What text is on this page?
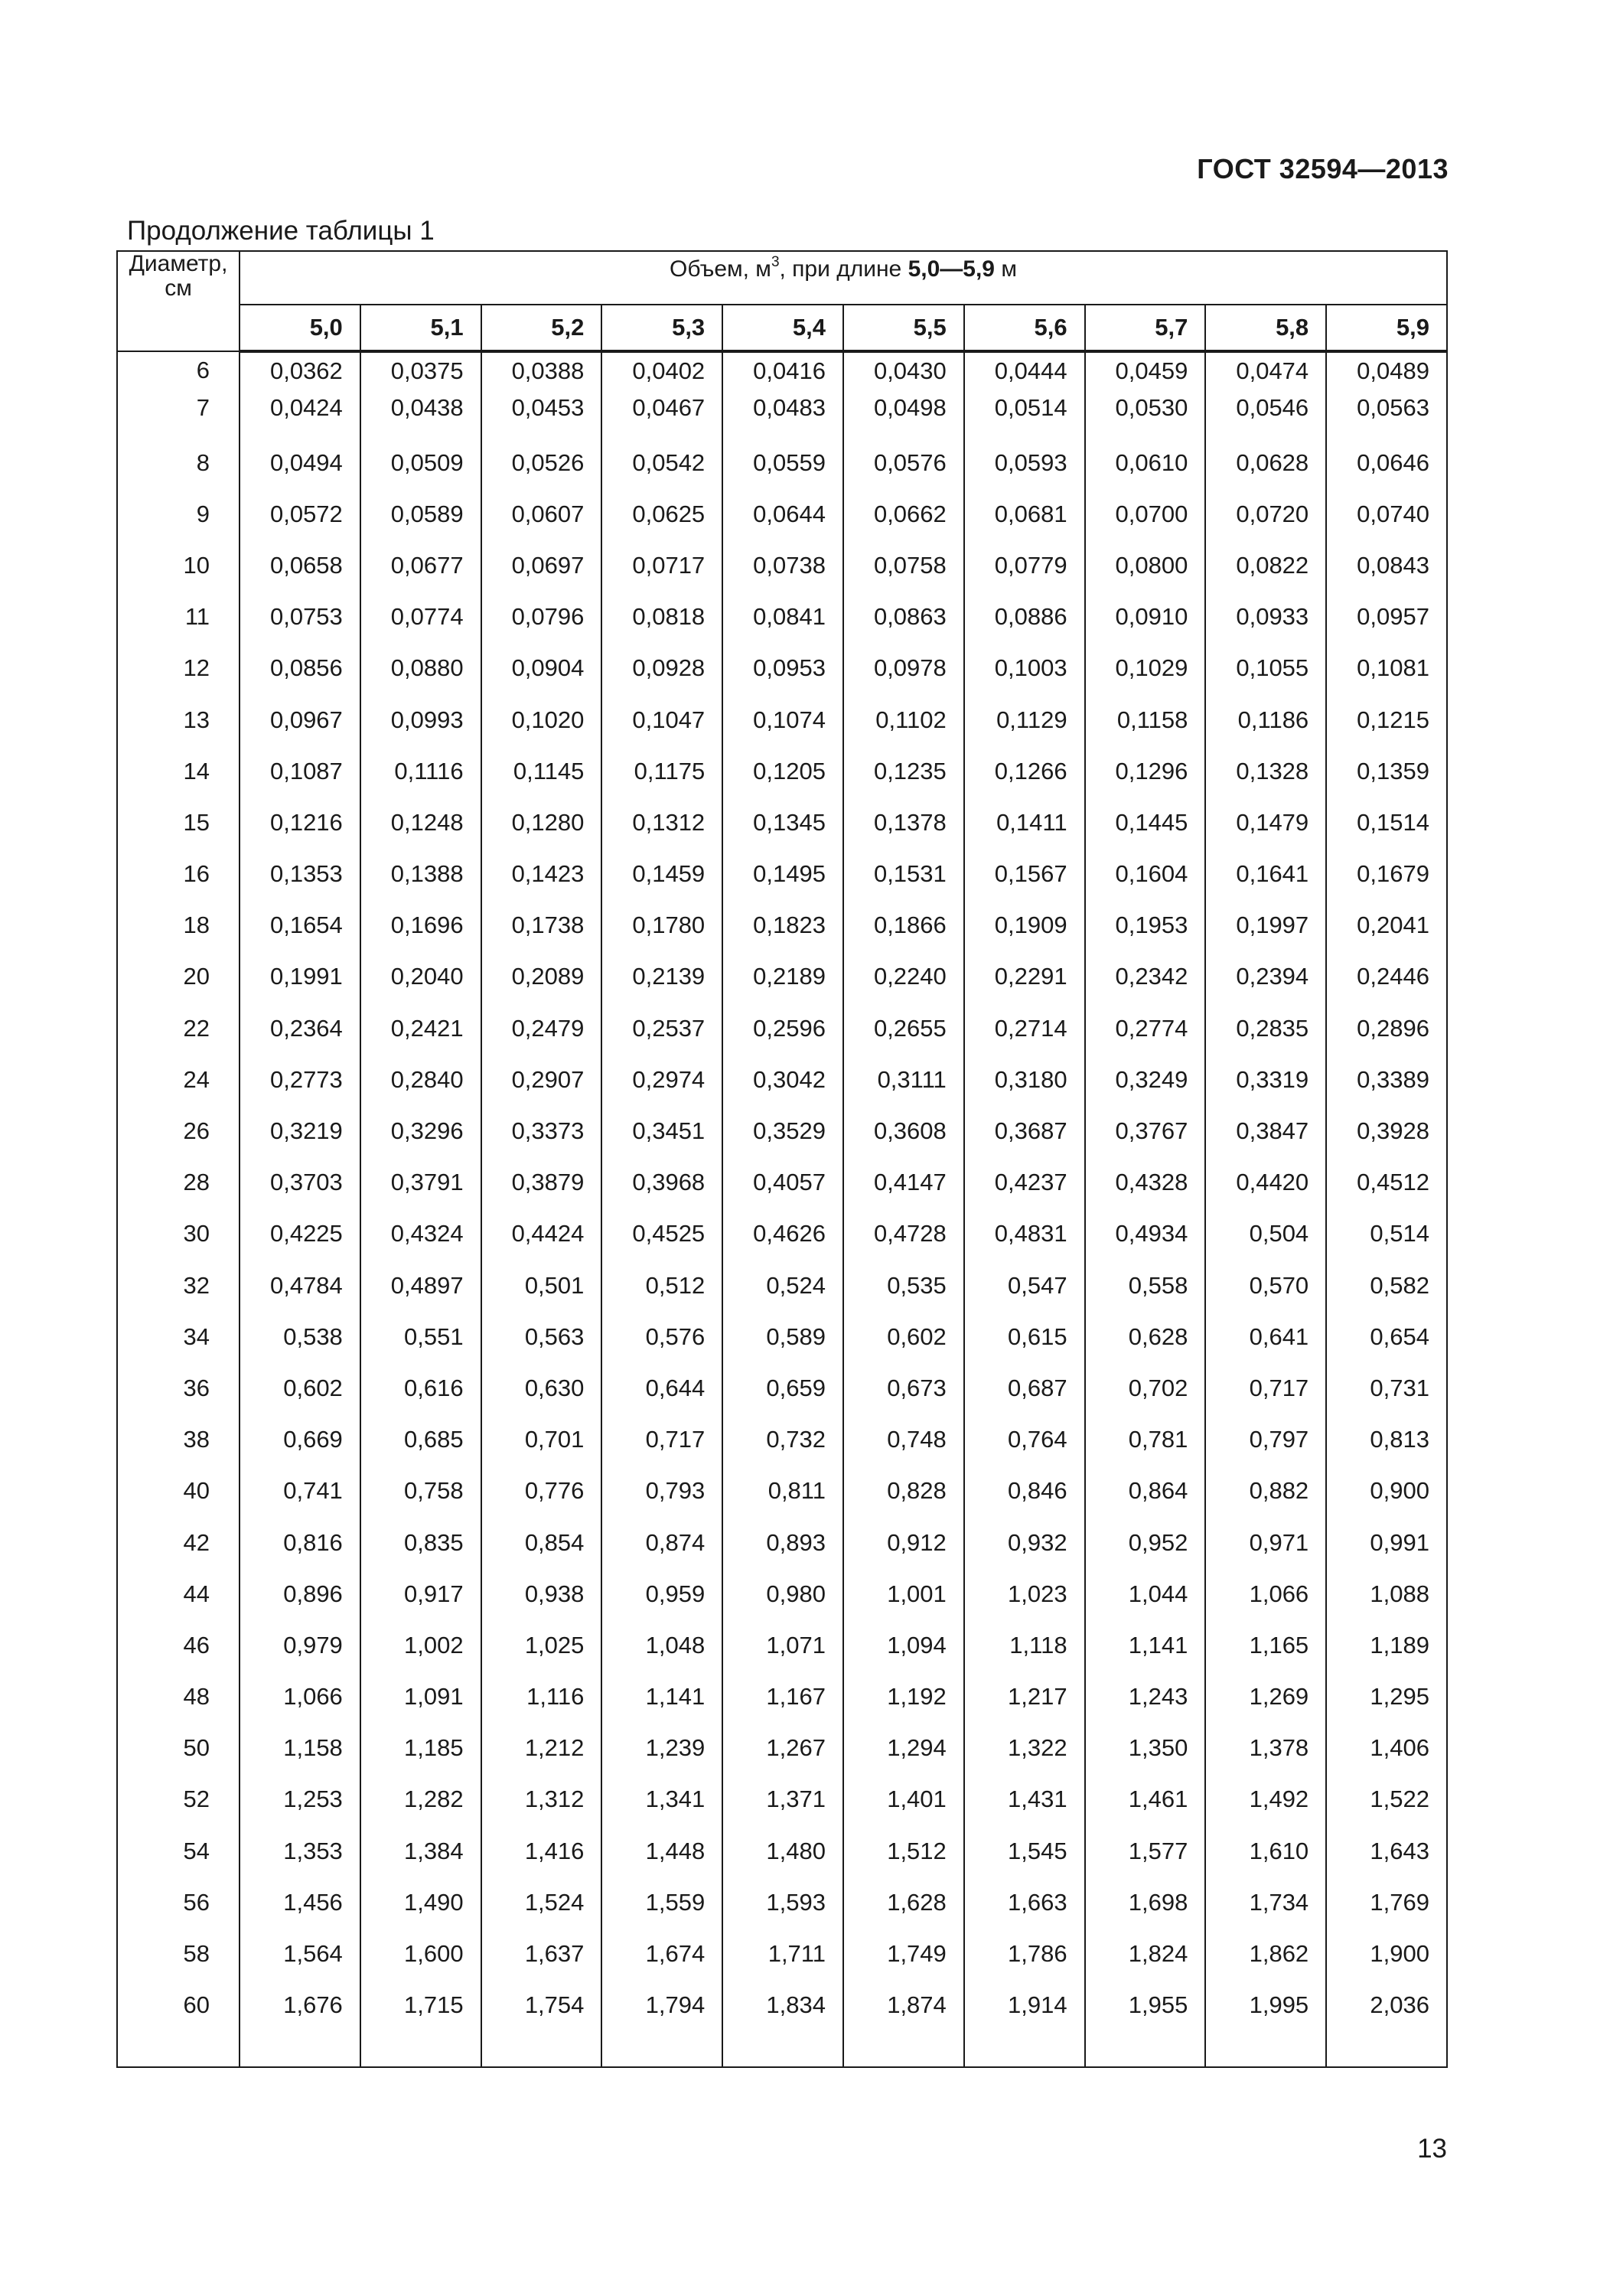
ГОСТ 32594—2013
Продолжение таблицы 1
Диаметр, см	Объем, $м^3$, при длине 5,0—5,9 м									
	5,0	5,1	5,2	5,3	5,4	5,5	5,6	5,7	5,8	5,9
6	0,0362	0,0375	0,0388	0,0402	0,0416	0,0430	0,0444	0,0459	0,0474	0,0489
7	0,0424	0,0438	0,0453	0,0467	0,0483	0,0498	0,0514	0,0530	0,0546	0,0563
8	0,0494	0,0509	0,0526	0,0542	0,0559	0,0576	0,0593	0,0610	0,0628	0,0646
9	0,0572	0,0589	0,0607	0,0625	0,0644	0,0662	0,0681	0,0700	0,0720	0,0740
10	0,0658	0,0677	0,0697	0,0717	0,0738	0,0758	0,0779	0,0800	0,0822	0,0843
11	0,0753	0,0774	0,0796	0,0818	0,0841	0,0863	0,0886	0,0910	0,0933	0,0957
12	0,0856	0,0880	0,0904	0,0928	0,0953	0,0978	0,1003	0,1029	0,1055	0,1081
13	0,0967	0,0993	0,1020	0,1047	0,1074	0,1102	0,1129	0,1158	0,1186	0,1215
14	0,1087	0,1116	0,1145	0,1175	0,1205	0,1235	0,1266	0,1296	0,1328	0,1359
15	0,1216	0,1248	0,1280	0,1312	0,1345	0,1378	0,1411	0,1445	0,1479	0,1514
16	0,1353	0,1388	0,1423	0,1459	0,1495	0,1531	0,1567	0,1604	0,1641	0,1679
18	0,1654	0,1696	0,1738	0,1780	0,1823	0,1866	0,1909	0,1953	0,1997	0,2041
20	0,1991	0,2040	0,2089	0,2139	0,2189	0,2240	0,2291	0,2342	0,2394	0,2446
22	0,2364	0,2421	0,2479	0,2537	0,2596	0,2655	0,2714	0,2774	0,2835	0,2896
24	0,2773	0,2840	0,2907	0,2974	0,3042	0,3111	0,3180	0,3249	0,3319	0,3389
26	0,3219	0,3296	0,3373	0,3451	0,3529	0,3608	0,3687	0,3767	0,3847	0,3928
28	0,3703	0,3791	0,3879	0,3968	0,4057	0,4147	0,4237	0,4328	0,4420	0,4512
30	0,4225	0,4324	0,4424	0,4525	0,4626	0,4728	0,4831	0,4934	0,504	0,514
32	0,4784	0,4897	0,501	0,512	0,524	0,535	0,547	0,558	0,570	0,582
34	0,538	0,551	0,563	0,576	0,589	0,602	0,615	0,628	0,641	0,654
36	0,602	0,616	0,630	0,644	0,659	0,673	0,687	0,702	0,717	0,731
38	0,669	0,685	0,701	0,717	0,732	0,748	0,764	0,781	0,797	0,813
40	0,741	0,758	0,776	0,793	0,811	0,828	0,846	0,864	0,882	0,900
42	0,816	0,835	0,854	0,874	0,893	0,912	0,932	0,952	0,971	0,991
44	0,896	0,917	0,938	0,959	0,980	1,001	1,023	1,044	1,066	1,088
46	0,979	1,002	1,025	1,048	1,071	1,094	1,118	1,141	1,165	1,189
48	1,066	1,091	1,116	1,141	1,167	1,192	1,217	1,243	1,269	1,295
50	1,158	1,185	1,212	1,239	1,267	1,294	1,322	1,350	1,378	1,406
52	1,253	1,282	1,312	1,341	1,371	1,401	1,431	1,461	1,492	1,522
54	1,353	1,384	1,416	1,448	1,480	1,512	1,545	1,577	1,610	1,643
56	1,456	1,490	1,524	1,559	1,593	1,628	1,663	1,698	1,734	1,769
58	1,564	1,600	1,637	1,674	1,711	1,749	1,786	1,824	1,862	1,900
60	1,676	1,715	1,754	1,794	1,834	1,874	1,914	1,955	1,995	2,036

13
